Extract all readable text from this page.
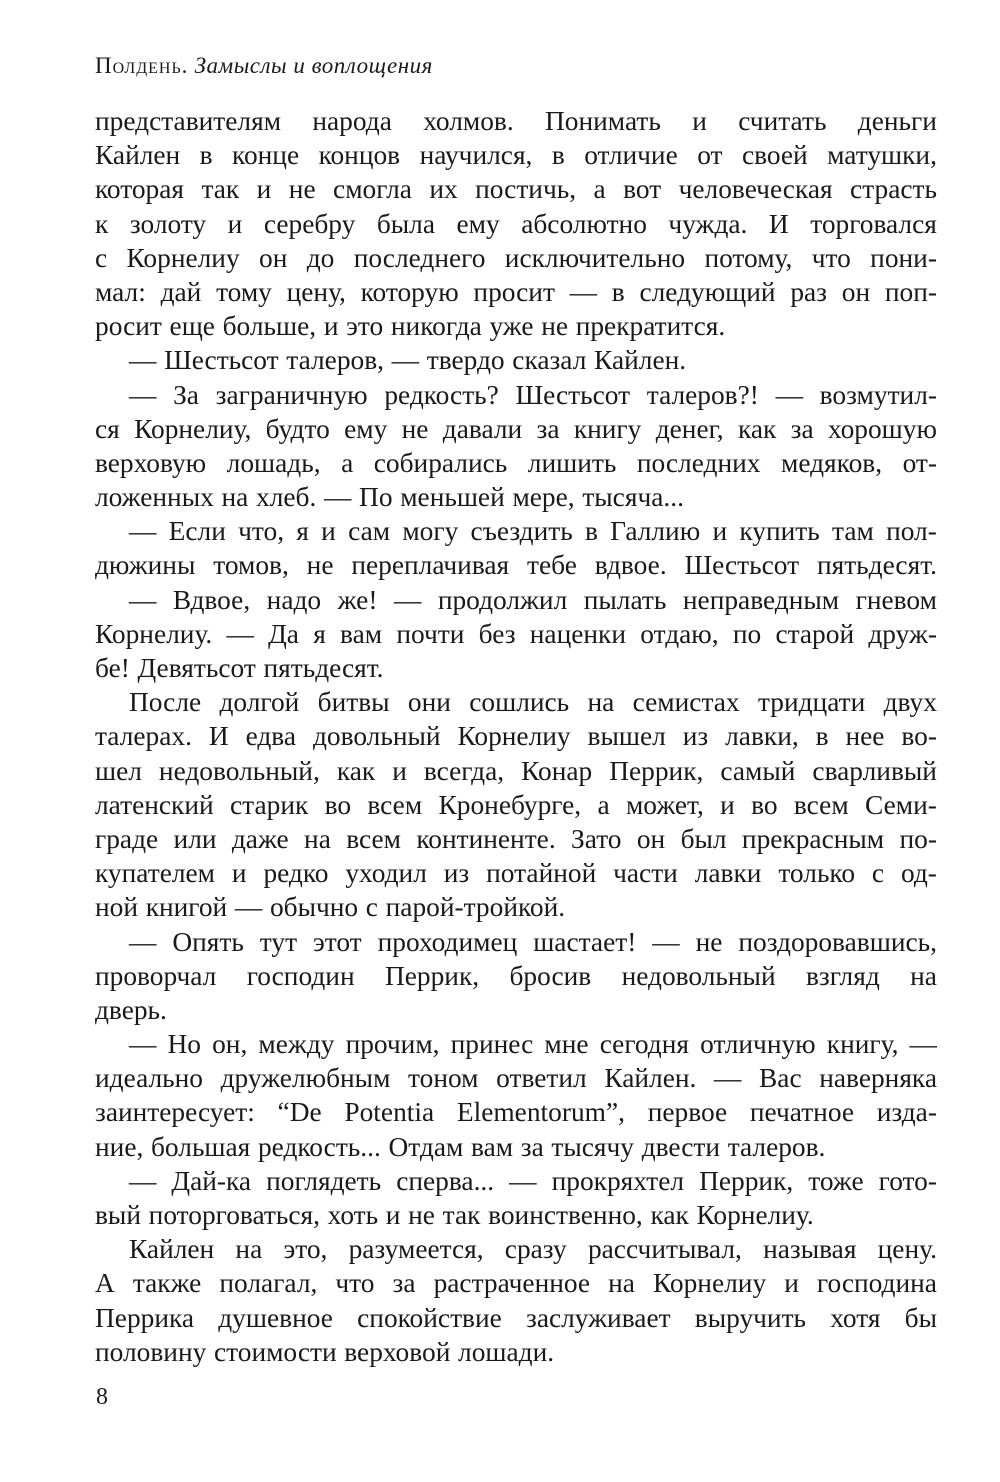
Полдень. Замыслы и воплощения
представителям народа холмов. Понимать и считать деньги
Кайлен в конце концов научился, в отличие от своей матушки,
которая так и не смогла их постичь, а вот человеческая страсть
к золоту и серебру была ему абсолютно чужда. И торговался
с Корнелиу он до последнего исключительно потому, что пони-
мал: дай тому цену, которую просит — в следующий раз он поп-
росит еще больше, и это никогда уже не прекратится.
— Шестьсот талеров, — твердо сказал Кайлен.
— За заграничную редкость? Шестьсот талеров?! — возмутил-
ся Корнелиу, будто ему не давали за книгу денег, как за хорошую
верховую лошадь, а собирались лишить последних медяков, от-
ложенных на хлеб. — По меньшей мере, тысяча...
— Если что, я и сам могу съездить в Галлию и купить там пол-
дюжины томов, не переплачивая тебе вдвое. Шестьсот пятьдесят.
— Вдвое, надо же! — продолжил пылать неправедным гневом
Корнелиу. — Да я вам почти без наценки отдаю, по старой друж-
бе! Девятьсот пятьдесят.
После долгой битвы они сошлись на семистах тридцати двух
талерах. И едва довольный Корнелиу вышел из лавки, в нее во-
шел недовольный, как и всегда, Конар Перрик, самый сварливый
латенский старик во всем Кронебурге, а может, и во всем Семи-
граде или даже на всем континенте. Зато он был прекрасным по-
купателем и редко уходил из потайной части лавки только с од-
ной книгой — обычно с парой-тройкой.
— Опять тут этот проходимец шастает! — не поздоровавшись,
проворчал господин Перрик, бросив недовольный взгляд на
дверь.
— Но он, между прочим, принес мне сегодня отличную книгу, —
идеально дружелюбным тоном ответил Кайлен. — Вас наверняка
заинтересует: “De Potentia Elementorum”, первое печатное изда-
ние, большая редкость... Отдам вам за тысячу двести талеров.
— Дай-ка поглядеть сперва... — прокряхтел Перрик, тоже гото-
вый поторговаться, хоть и не так воинственно, как Корнелиу.
Кайлен на это, разумеется, сразу рассчитывал, называя цену.
А также полагал, что за растраченное на Корнелиу и господина
Перрика душевное спокойствие заслуживает выручить хотя бы
половину стоимости верховой лошади.
8
